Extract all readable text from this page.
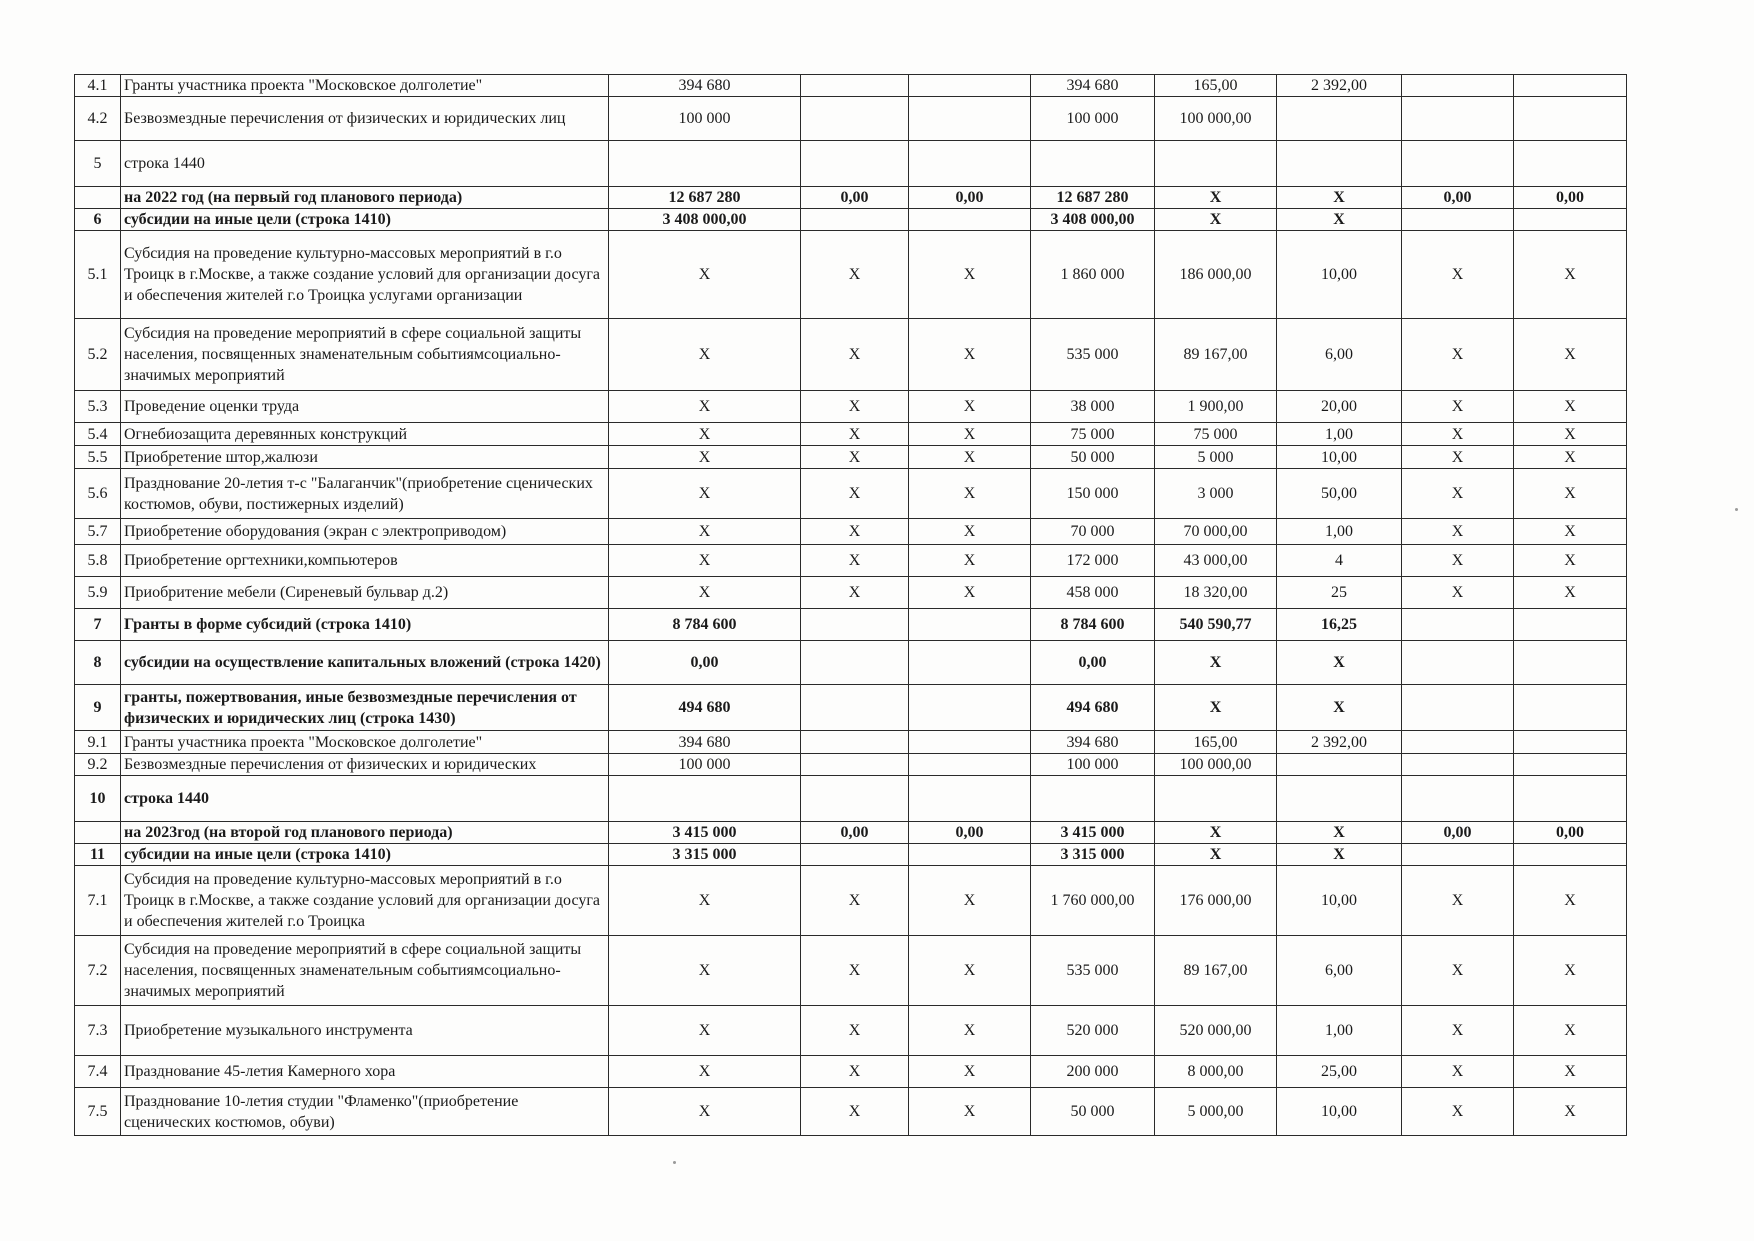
4.1	Гранты участника проекта "Московское долголетие"	394 680			394 680	165,00	2 392,00		
4.2	Безвозмездные перечисления от физических и юридических лиц	100 000			100 000	100 000,00			
5	строка 1440								
	на 2022 год (на первый год планового периода)	12 687 280	0,00	0,00	12 687 280	Х	Х	0,00	0,00
6	субсидии на иные цели (строка 1410)	3 408 000,00			3 408 000,00	Х	Х		
5.1	Субсидия на проведение культурно-массовых мероприятий в г.о Троицк в г.Москве, а также создание условий для организации досуга и обеспечения жителей г.о Троицка услугами организации	Х	Х	Х	1 860 000	186 000,00	10,00	Х	Х
5.2	Субсидия на проведение мероприятий в сфере социальной защиты населения, посвященных знаменательным событиямсоциально-значимых мероприятий	Х	Х	Х	535 000	89 167,00	6,00	Х	Х
5.3	Проведение оценки труда	Х	Х	Х	38 000	1 900,00	20,00	Х	Х
5.4	Огнебиозащита деревянных конструкций	Х	Х	Х	75 000	75 000	1,00	Х	Х
5.5	Приобретение штор,жалюзи	Х	Х	Х	50 000	5 000	10,00	Х	Х
5.6	Празднование 20-летия т-с "Балаганчик"(приобретение сценических костюмов, обуви, постижерных изделий)	Х	Х	Х	150 000	3 000	50,00	Х	Х
5.7	Приобретение оборудования (экран с электроприводом)	Х	Х	Х	70 000	70 000,00	1,00	Х	Х
5.8	Приобретение оргтехники,компьютеров	Х	Х	Х	172 000	43 000,00	4	Х	Х
5.9	Приобритение мебели (Сиреневый бульвар д.2)	Х	Х	Х	458 000	18 320,00	25	Х	Х
7	Гранты в форме субсидий (строка 1410)	8 784 600			8 784 600	540 590,77	16,25		
8	субсидии на осуществление капитальных вложений (строка 1420)	0,00			0,00	Х	Х		
9	гранты, пожертвования, иные безвозмездные перечисления от физических и юридических лиц (строка 1430)	494 680			494 680	Х	Х		
9.1	Гранты участника проекта "Московское долголетие"	394 680			394 680	165,00	2 392,00		
9.2	Безвозмездные перечисления от физических и юридических	100 000			100 000	100 000,00			
10	строка 1440								
	на 2023год (на второй год планового периода)	3 415 000	0,00	0,00	3 415 000	Х	Х	0,00	0,00
11	субсидии на иные цели (строка 1410)	3 315 000			3 315 000	Х	Х		
7.1	Субсидия на проведение культурно-массовых мероприятий в г.о Троицк в г.Москве, а также создание условий для организации досуга и обеспечения жителей г.о Троицка	Х	Х	Х	1 760 000,00	176 000,00	10,00	Х	Х
7.2	Субсидия на проведение мероприятий в сфере социальной защиты населения, посвященных знаменательным событиямсоциально-значимых мероприятий	Х	Х	Х	535 000	89 167,00	6,00	Х	Х
7.3	Приобретение музыкального инструмента	Х	Х	Х	520 000	520 000,00	1,00	Х	Х
7.4	Празднование 45-летия Камерного хора	Х	Х	Х	200 000	8 000,00	25,00	Х	Х
7.5	Празднование 10-летия студии "Фламенко"(приобретение сценических костюмов, обуви)	Х	Х	Х	50 000	5 000,00	10,00	Х	Х
